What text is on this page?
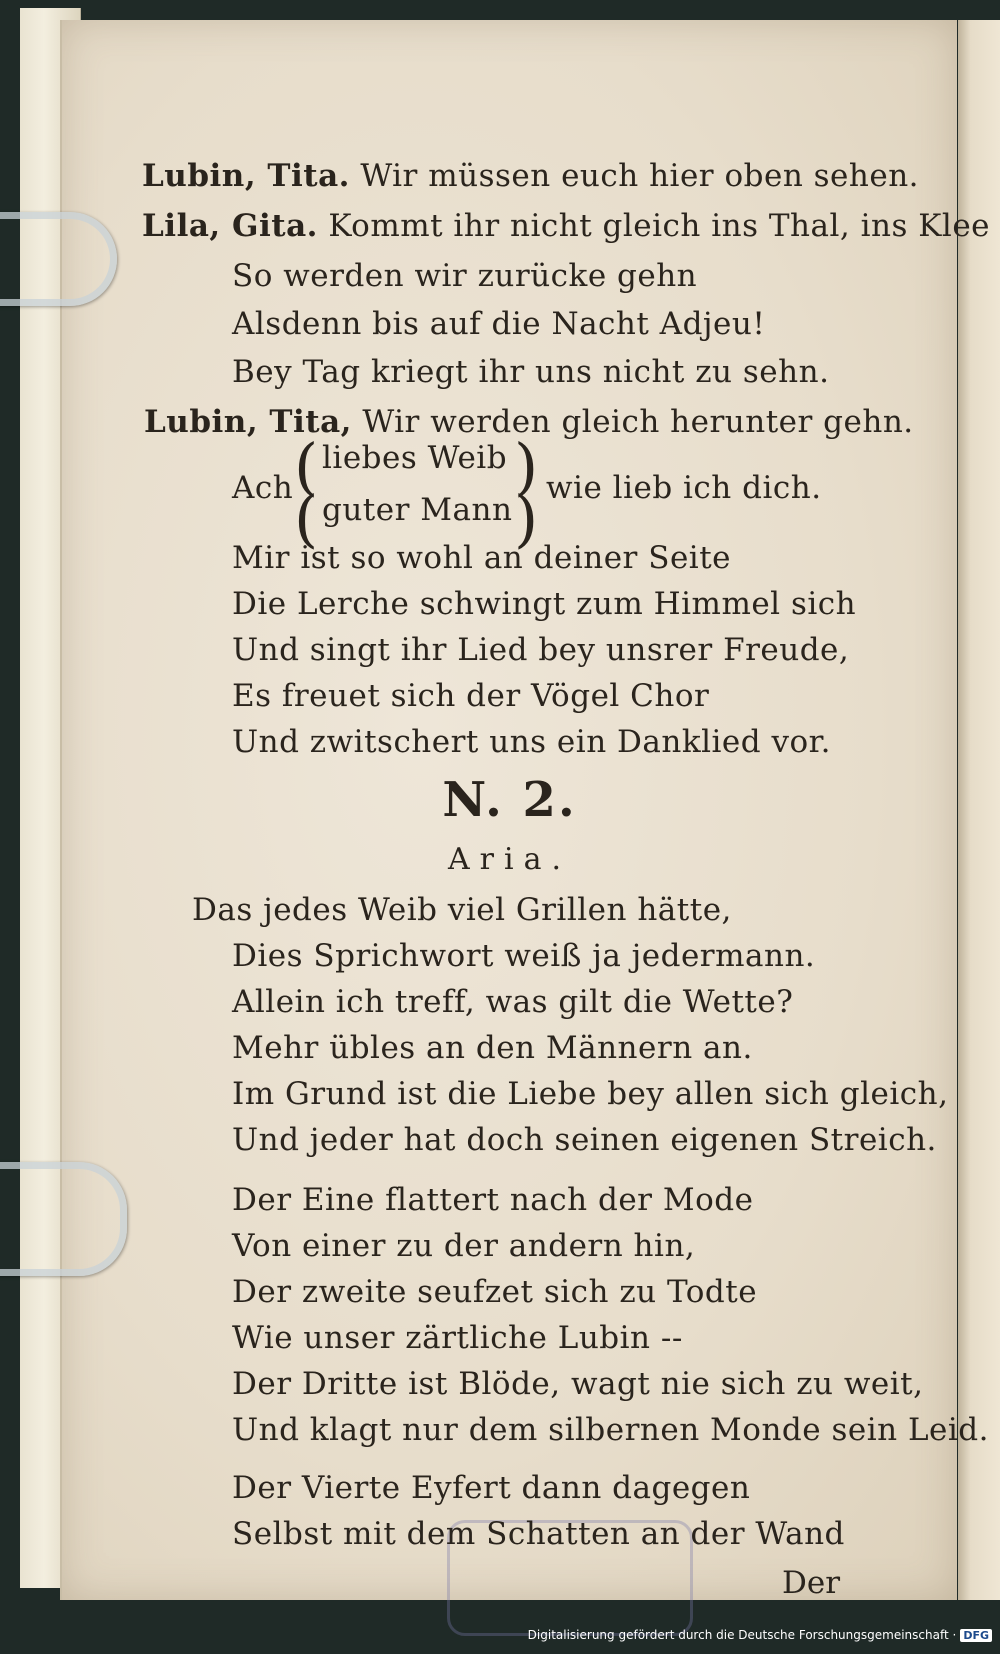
Lubin, Tita. Wir müssen euch hier oben sehen.
Lila, Gita. Kommt ihr nicht gleich ins Thal, ins Klee
So werden wir zurücke gehn
Alsdenn bis auf die Nacht Adjeu!
Bey Tag kriegt ihr uns nicht zu sehn.
Lubin, Tita, Wir werden gleich herunter gehn.
Ach ( liebes Weib )
( guter Mann ) wie lieb ich dich.
Mir ist so wohl an deiner Seite
Die Lerche schwingt zum Himmel sich
Und singt ihr Lied bey unsrer Freude,
Es freuet sich der Vögel Chor
Und zwitschert uns ein Danklied vor.
N. 2.
Aria.
Das jedes Weib viel Grillen hätte,
Dies Sprichwort weiß ja jedermann.
Allein ich treff, was gilt die Wette?
Mehr übles an den Männern an.
Im Grund ist die Liebe bey allen sich gleich,
Und jeder hat doch seinen eigenen Streich.
Der Eine flattert nach der Mode
Von einer zu der andern hin,
Der zweite seufzet sich zu Todte
Wie unser zärtliche Lubin --
Der Dritte ist Blöde, wagt nie sich zu weit,
Und klagt nur dem silbernen Monde sein Leid.
Der Vierte Eyfert dann dagegen
Selbst mit dem Schatten an der Wand
Der
Digitalisierung gefördert durch die Deutsche Forschungsgemeinschaft · DFG
